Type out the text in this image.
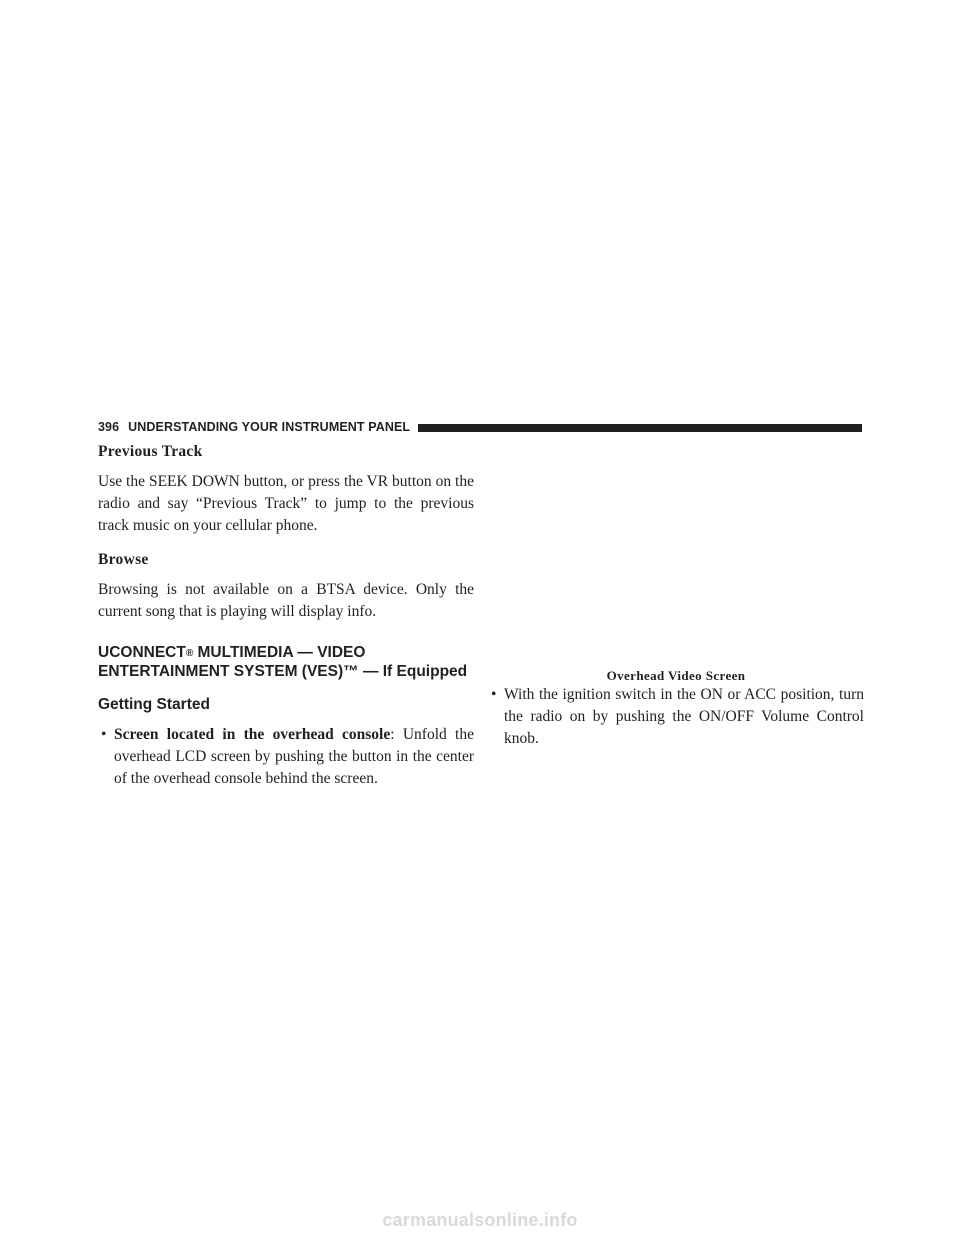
396 UNDERSTANDING YOUR INSTRUMENT PANEL

Previous Track

Use the SEEK DOWN button, or press the VR button on the radio and say “Previous Track” to jump to the previous track music on your cellular phone.

Browse

Browsing is not available on a BTSA device. Only the current song that is playing will display info.

UCONNECT® MULTIMEDIA — VIDEO ENTERTAINMENT SYSTEM (VES)™ — If Equipped
Getting Started
• Screen located in the overhead console: Unfold the overhead LCD screen by pushing the button in the center of the overhead console behind the screen.
Overhead Video Screen
• With the ignition switch in the ON or ACC position, turn the radio on by pushing the ON/OFF Volume Control knob.
carmanualsonline.info
